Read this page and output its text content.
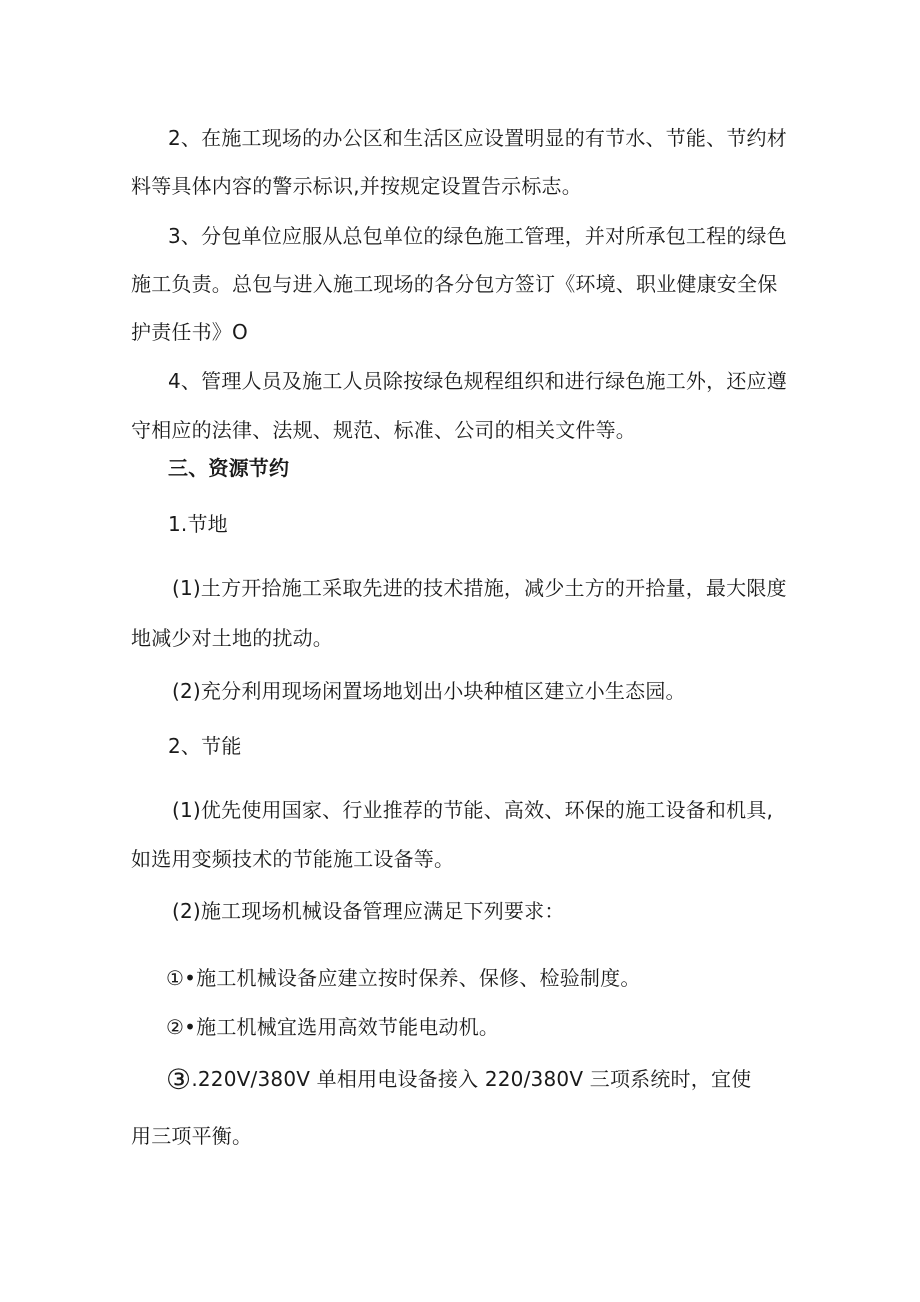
2、在施工现场的办公区和生活区应设置明显的有节水、节能、节约材
料等具体内容的警示标识,并按规定设置告示标志。
3、分包单位应服从总包单位的绿色施工管理，并对所承包工程的绿色
施工负责。总包与进入施工现场的各分包方签订《环境、职业健康安全保
护责任书》O
4、管理人员及施工人员除按绿色规程组织和进行绿色施工外，还应遵
守相应的法律、法规、规范、标准、公司的相关文件等。
三、资源节约
1.节地
(1)土方开拾施工采取先进的技术措施，减少土方的开拾量，最大限度
地减少对土地的扰动。
(2)充分利用现场闲置场地划出小块种植区建立小生态园。
2、节能
(1)优先使用国家、行业推荐的节能、高效、环保的施工设备和机具,
如选用变频技术的节能施工设备等。
(2)施工现场机械设备管理应满足下列要求：
①•施工机械设备应建立按时保养、保修、检验制度。
②•施工机械宜选用高效节能电动机。
③.220V/380V 单相用电设备接入 220/380V 三项系统时，宜使
用三项平衡。
